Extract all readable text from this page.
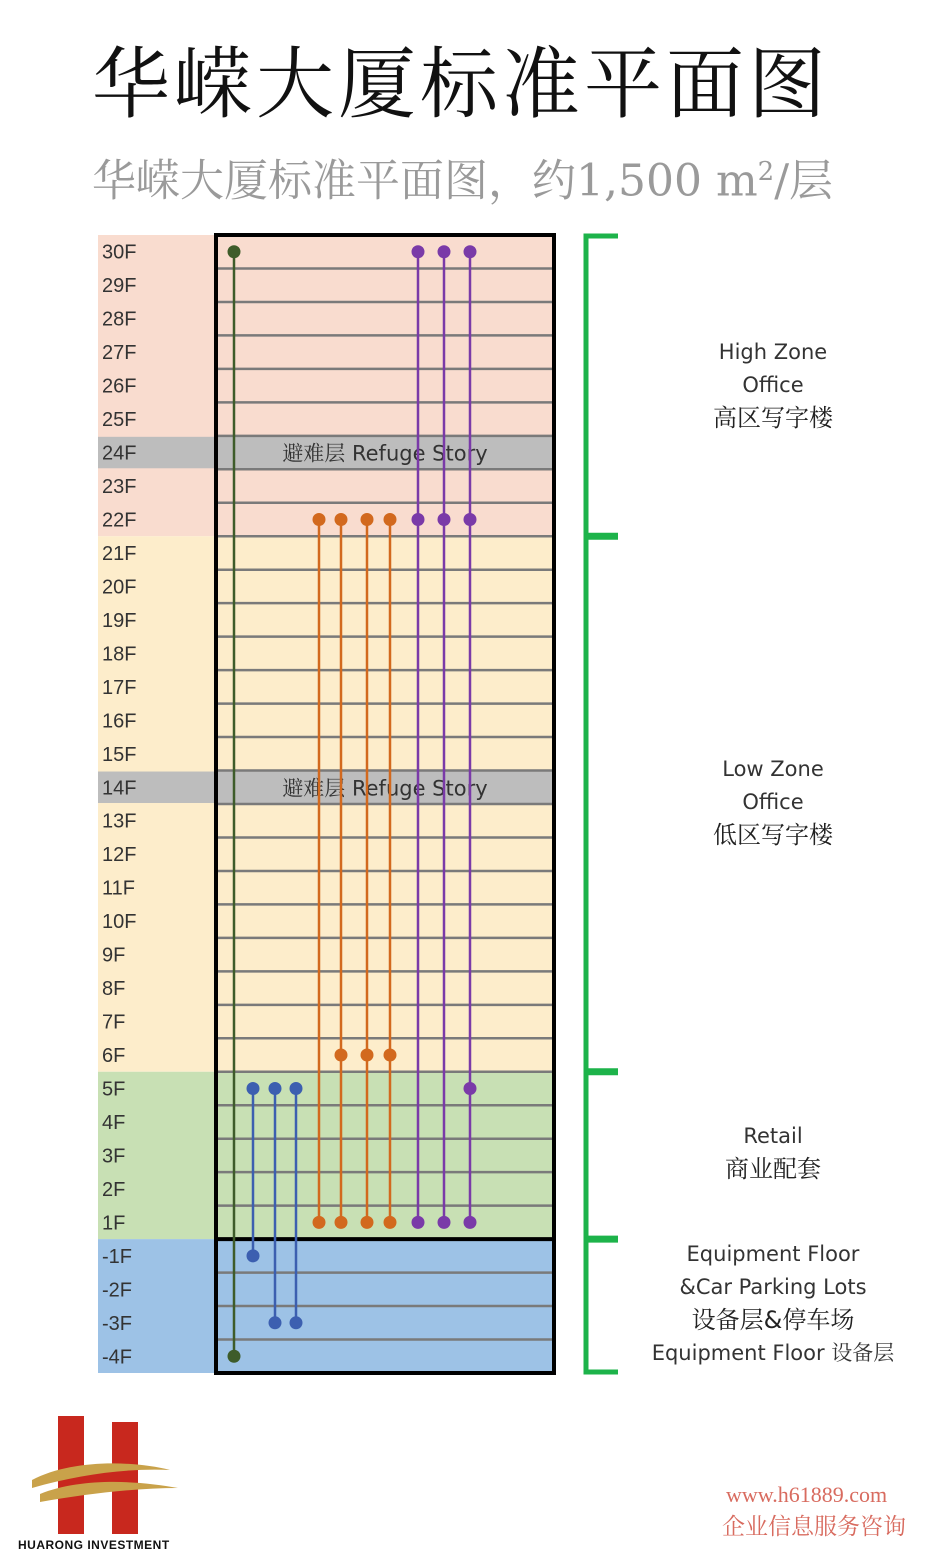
华嵘大厦标准平面图
华嵘大厦标准平面图，约1,500 $m^2/$层
30F
29F
28F
27F
26F
25F
24F
23F
22F
21F
20F
19F
18F
17F
16F
15F
14F
13F
12F
11F
10F
9F
8F
7F
6F
5F
4F
3F
2F
1F
-1F
-2F
-3F
-4F
避难层 Refuge Story
避难层 Refuge Story
High Zone
Office
高区写字楼
Low Zone
Office
低区写字楼
Retail
商业配套
Equipment Floor
&Car Parking Lots
设备层&停车场
Equipment Floor 设备层
HUARONG INVESTMENT
www.h61889.com
企业信息服务咨询
